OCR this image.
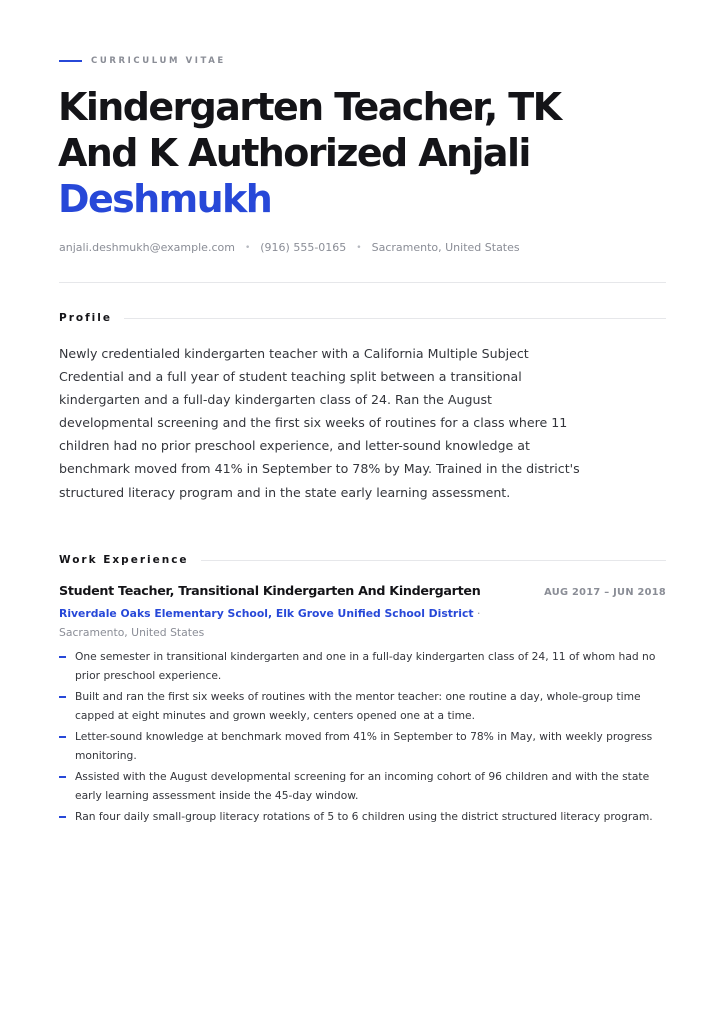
CURRICULUM VITAE
Kindergarten Teacher, TK
And K Authorized Anjali
Deshmukh
anjali.deshmukh@example.com • (916) 555-0165 • Sacramento, United States
Profile

Newly credentialed kindergarten teacher with a California Multiple Subject Credential and a full year of student teaching split between a transitional kindergarten and a full-day kindergarten class of 24. Ran the August developmental screening and the first six weeks of routines for a class where 11 children had no prior preschool experience, and letter-sound knowledge at benchmark moved from 41% in September to 78% by May. Trained in the district's structured literacy program and in the state early learning assessment.

Work Experience
Student Teacher, Transitional Kindergarten And Kindergarten	AUG 2017 – JUN 2018
Riverdale Oaks Elementary School, Elk Grove Unified School District · Sacramento, United States
One semester in transitional kindergarten and one in a full-day kindergarten class of 24, 11 of whom had no prior preschool experience.
Built and ran the first six weeks of routines with the mentor teacher: one routine a day, whole-group time capped at eight minutes and grown weekly, centers opened one at a time.
Letter-sound knowledge at benchmark moved from 41% in September to 78% in May, with weekly progress monitoring.
Assisted with the August developmental screening for an incoming cohort of 96 children and with the state early learning assessment inside the 45-day window.
Ran four daily small-group literacy rotations of 5 to 6 children using the district structured literacy program.
